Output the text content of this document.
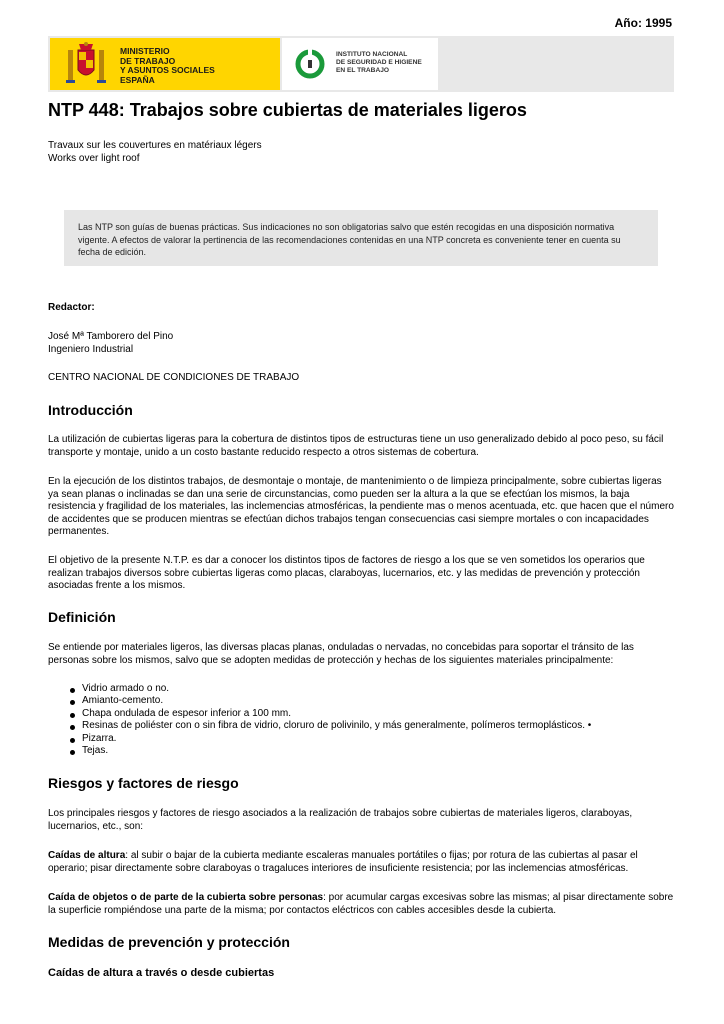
Año: 1995
MINISTERIO
DE TRABAJO
Y ASUNTOS SOCIALES
ESPAÑA
INSTITUTO NACIONAL
DE SEGURIDAD E HIGIENE
EN EL TRABAJO
NTP 448: Trabajos sobre cubiertas de materiales ligeros
Travaux sur les couvertures en matériaux légers
Works over light roof

Las NTP son guías de buenas prácticas. Sus indicaciones no son obligatorias salvo que estén recogidas en una disposición normativa vigente. A efectos de valorar la pertinencia de las recomendaciones contenidas en una NTP concreta es conveniente tener en cuenta su fecha de edición.

Redactor:
José Mª Tamborero del Pino
Ingeniero Industrial
CENTRO NACIONAL DE CONDICIONES DE TRABAJO
Introducción

La utilización de cubiertas ligeras para la cobertura de distintos tipos de estructuras tiene un uso generalizado debido al poco peso, su fácil transporte y montaje, unido a un costo bastante reducido respecto a otros sistemas de cobertura.

En la ejecución de los distintos trabajos, de desmontaje o montaje, de mantenimiento o de limpieza principalmente, sobre cubiertas ligeras ya sean planas o inclinadas se dan una serie de circunstancias, como pueden ser la altura a la que se efectúan los mismos, la baja resistencia y fragilidad de los materiales, las inclemencias atmosféricas, la pendiente mas o menos acentuada, etc. que hacen que el número de accidentes que se producen mientras se efectúan dichos trabajos tengan consecuencias casi siempre mortales o con incapacidades permanentes.

El objetivo de la presente N.T.P. es dar a conocer los distintos tipos de factores de riesgo a los que se ven sometidos los operarios que realizan trabajos diversos sobre cubiertas ligeras como placas, claraboyas, lucernarios, etc. y las medidas de prevención y protección asociadas frente a los mismos.

Definición

Se entiende por materiales ligeros, las diversas placas planas, onduladas o nervadas, no concebidas para soportar el tránsito de las personas sobre los mismos, salvo que se adopten medidas de protección y hechas de los siguientes materiales principalmente:

Vidrio armado o no.
Amianto-cemento.
Chapa ondulada de espesor inferior a 100 mm.
Resinas de poliéster con o sin fibra de vidrio, cloruro de polivinilo, y más generalmente, polímeros termoplásticos. •
Pizarra.
Tejas.
Riesgos y factores de riesgo

Los principales riesgos y factores de riesgo asociados a la realización de trabajos sobre cubiertas de materiales ligeros, claraboyas, lucernarios, etc., son:

Caídas de altura: al subir o bajar de la cubierta mediante escaleras manuales portátiles o fijas; por rotura de las cubiertas al pasar el operario; pisar directamente sobre claraboyas o tragaluces interiores de insuficiente resistencia; por las inclemencias atmosféricas.

Caída de objetos o de parte de la cubierta sobre personas: por acumular cargas excesivas sobre las mismas; al pisar directamente sobre la superficie rompiéndose una parte de la misma; por contactos eléctricos con cables accesibles desde la cubierta.

Medidas de prevención y protección
Caídas de altura a través o desde cubiertas
